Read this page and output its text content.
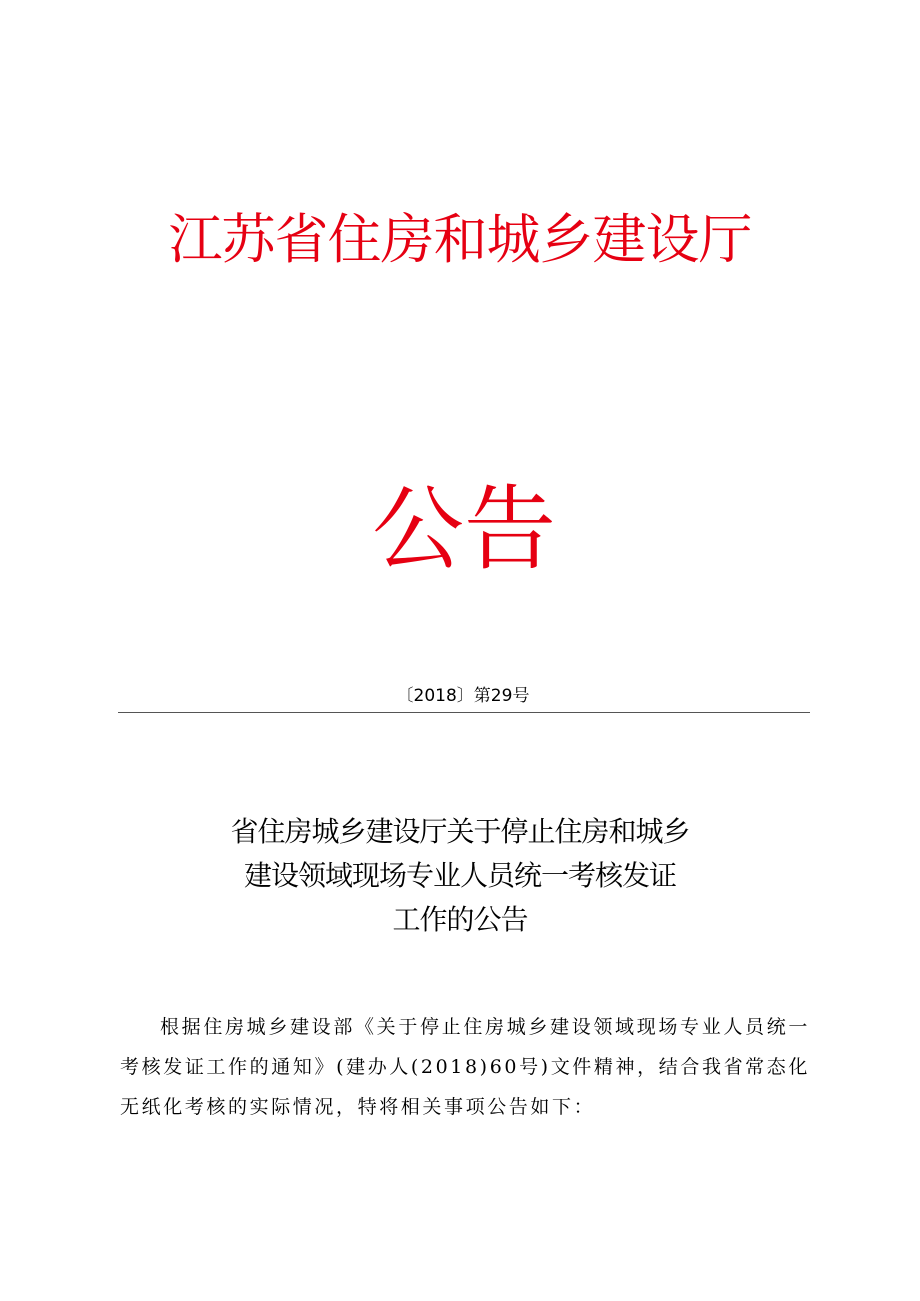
江苏省住房和城乡建设厅
公告
〔2018〕第29号
省住房城乡建设厅关于停止住房和城乡
建设领域现场专业人员统一考核发证
工作的公告

根据住房城乡建设部《关于停止住房城乡建设领域现场专业人员统一考核发证工作的通知》(建办人(2018)60号)文件精神，结合我省常态化无纸化考核的实际情况，特将相关事项公告如下：
